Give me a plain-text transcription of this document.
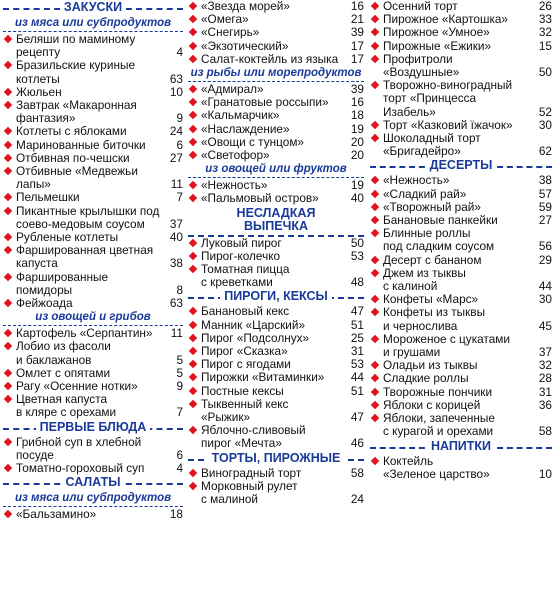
ЗАКУСКИ
из мяса или субпродуктов
Беляши по маминому
рецепту	4
Бразильские куриные
котлеты	63
Жюльен	10
Завтрак «Макаронная
фантазия»	9
Котлеты с яблоками	24
Маринованные биточки	6
Отбивная по-чешски	27
Отбивные «Медвежьи
лапы»	11
Пельмешки	7
Пикантные крылышки под
соево-медовым соусом	37
Рубленые котлеты	40
Фаршированная цветная
капуста	38
Фаршированные
помидоры	8
Фейжоада	63
из овощей и грибов
Картофель «Серпантин»	11
Лобио из фасоли
и баклажанов	5
Омлет с опятами	5
Рагу «Осенние нотки»	9
Цветная капуста
в кляре с орехами	7
ПЕРВЫЕ БЛЮДА
Грибной суп в хлебной
посуде	6
Томатно-гороховый суп	4
САЛАТЫ
из мяса или субпродуктов
«Бальзамино»	18
«Звезда морей»	16
«Омега»	21
«Снегирь»	39
«Экзотический»	17
Салат-коктейль из языка	17
из рыбы или морепродуктов
«Адмирал»	39
«Гранатовые россыпи»	16
«Кальмарчик»	18
«Наслаждение»	19
«Овощи с тунцом»	20
«Светофор»	20
из овощей или фруктов
«Нежность»	19
«Пальмовый остров»	40
НЕСЛАДКАЯ
ВЫПЕЧКА
Луковый пирог	50
Пирог-колечко	53
Томатная пицца
с креветками	48
ПИРОГИ, КЕКСЫ
Банановый кекс	47
Манник «Царский»	51
Пирог «Подсолнух»	25
Пирог «Сказка»	31
Пирог с ягодами	53
Пирожки «Витаминки»	44
Постные кексы	51
Тыквенный кекс
«Рыжик»	47
Яблочно-сливовый
пирог «Мечта»	46
ТОРТЫ, ПИРОЖНЫЕ
Виноградный торт	58
Морковный рулет
с малиной	24
Осенний торт	26
Пирожное «Картошка»	33
Пирожное «Умное»	32
Пирожные «Ежики»	15
Профитроли
«Воздушные»	50
Творожно-виноградный
торт «Принцесса
Изабель»	52
Торт «Казковий їжачок»	30
Шоколадный торт
«Бригадейро»	62
ДЕСЕРТЫ
«Нежность»	38
«Сладкий рай»	57
«Творожный рай»	59
Банановые панкейки	27
Блинные роллы
под сладким соусом	56
Десерт с бананом	29
Джем из тыквы
с калиной	44
Конфеты «Марс»	30
Конфеты из тыквы
и чернослива	45
Мороженое с цукатами
и грушами	37
Оладьи из тыквы	32
Сладкие роллы	28
Творожные пончики	31
Яблоки с корицей	36
Яблоки, запеченные
с курагой и орехами	58
НАПИТКИ
Коктейль
«Зеленое царство»	10
